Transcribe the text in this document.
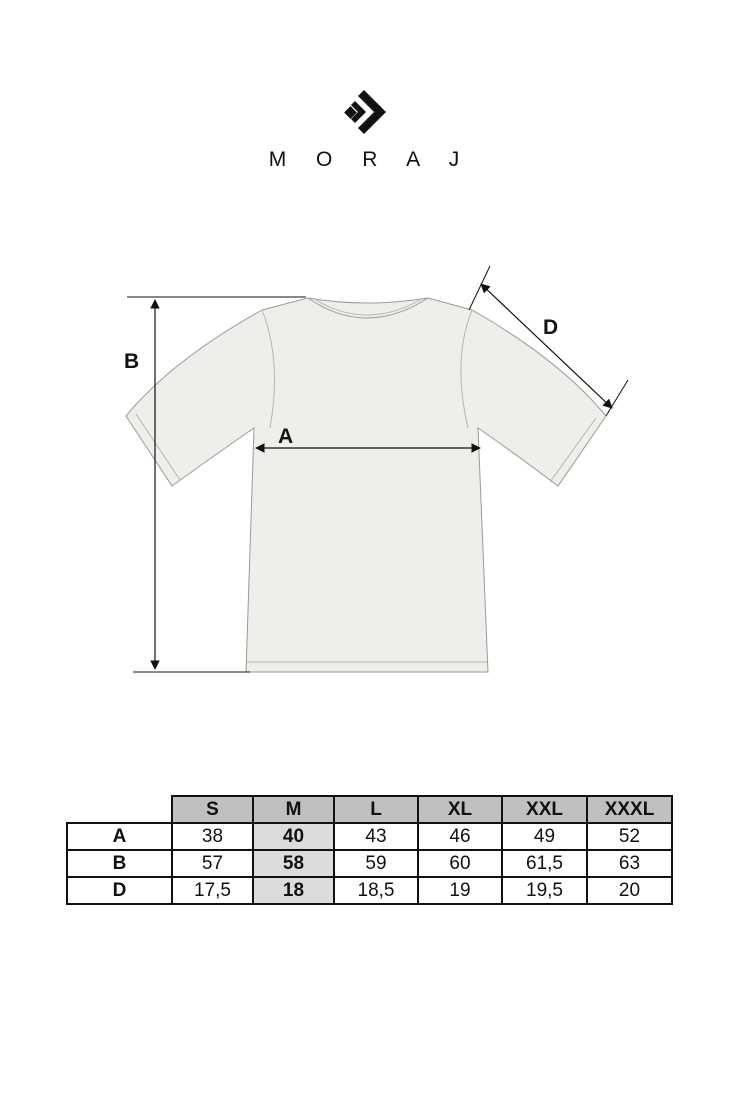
M O R A J
B
A
D
	S	M	L	XL	XXL	XXXL
A	38	40	43	46	49	52
B	57	58	59	60	61,5	63
D	17,5	18	18,5	19	19,5	20
